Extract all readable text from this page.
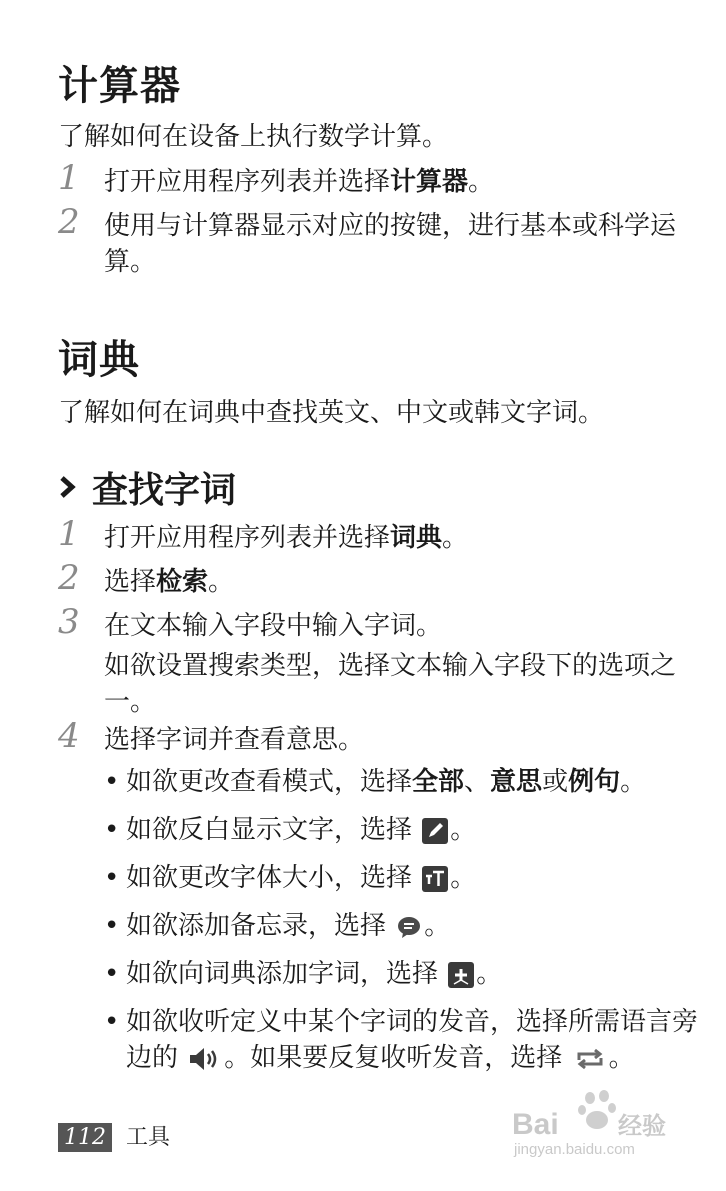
计算器

了解如何在设备上执行数学计算。

1 打开应用程序列表并选择计算器。
2 使用与计算器显示对应的按键，进行基本或科学运算。
词典

了解如何在词典中查找英文、中文或韩文字词。

查找字词
1 打开应用程序列表并选择词典。
2 选择检索。
3 在文本输入字段中输入字词。
如欲设置搜索类型，选择文本输入字段下的选项之一。
4 选择字词并查看意思。
• 如欲更改查看模式，选择全部、意思或例句。
• 如欲反白显示文字，选择 。
• 如欲更改字体大小，选择 。
• 如欲添加备忘录，选择 。
• 如欲向词典添加字词，选择 。
• 如欲收听定义中某个字词的发音，选择所需语言旁边的 。如果要反复收听发音，选择 。
112 工具	Bai 经验
jingyan.baidu.com
